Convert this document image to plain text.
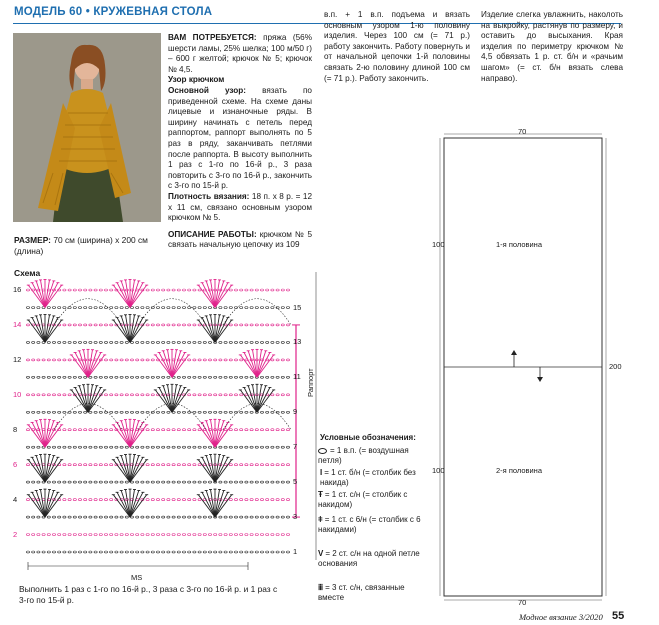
МОДЕЛЬ 60 • КРУЖЕВНАЯ СТОЛА

ВАМ ПОТРЕБУЕТСЯ: пряжа (56% шерсти ламы, 25% шелка; 100 м/50 г) – 600 г желтой; крючок № 5; крючок № 4,5.

Узор крючком

Основной узор: вязать по приведенной схеме. На схеме даны лицевые и изнаночные ряды. В ширину начинать с петель перед раппортом, раппорт выполнять по 5 раз в ряду, заканчивать петлями после раппорта. В высоту выполнить 1 раз с 1-го по 16-й р., 3 раза повторить с 3-го по 16-й р., закончить с 3-го по 15-й р.

Плотность вязания: 18 п. x 8 р. = 12 x 11 см, связано основным узором крючком № 5.

ОПИСАНИЕ РАБОТЫ: крючком № 5 связать начальную цепочку из 109

в.п. + 1 в.п. подъема и вязать основным узором 1-ю половину изделия. Через 100 см (= 71 р.) работу закончить. Работу повернуть и от начальной цепочки 1-й половины связать 2-ю половину длиной 100 см (= 71 р.). Работу закончить.
Изделие слегка увлажнить, наколоть на выкройку, растянув по размеру, и оставить до высыхания. Края изделия по периметру крючком № 4,5 обвязать 1 р. ст. б/н и «рачьим шагом» (= ст. б/н вязать слева направо).
РАЗМЕР: 70 см (ширина) x 200 см (длина)
Схема
16
14
12
10
8
6
4
2
15
13
11
9
7
5
3
1
Раппорт
MS
Выполнить 1 раз с 1-го по 16-й р., 3 раза с 3-го по 16-й р. и 1 раз с 3-го по 15-й р.
Условные обозначения:
= 1 в.п. (= воздушная петля)
I = 1 ст. б/н (= столбик без накида)
Ŧ = 1 ст. с/н (= столбик с накидом)
ǂ = 1 ст. с 6/н (= столбик с 6 накидами)
V = 2 ст. с/н на одной петле основания
ⅲ = 3 ст. с/н, связанные вместе
70
70
100
100
200
1-я половина
2-я половина
Модное вязание 3/2020 55
